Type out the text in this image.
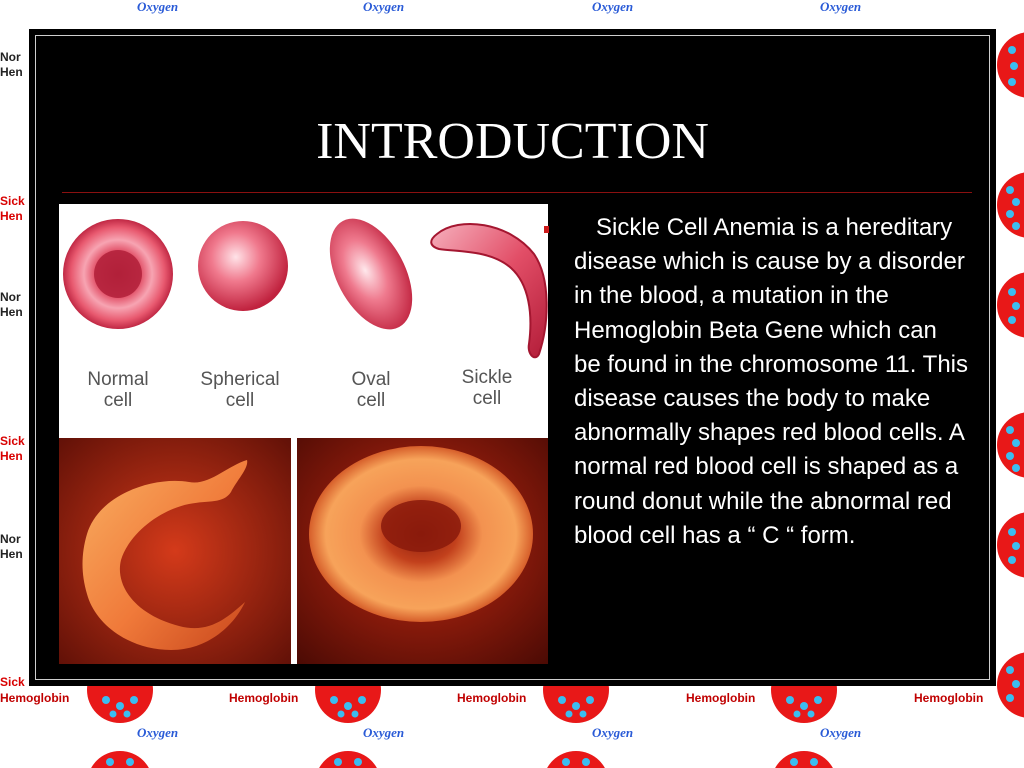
Oxygen	Oxygen	Oxygen	Oxygen
Oxygen	Oxygen	Oxygen	Oxygen
Hemoglobin	Hemoglobin	Hemoglobin	Hemoglobin	Hemoglobin
Nor
Hen
Sick
Hen
Nor
Hen
Sick
Hen
Nor
Hen
Sick
INTRODUCTION
Normal
cell
Spherical
cell
Oval
cell
Sickle
cell
Sickle Cell Anemia is a hereditary disease which is cause by a disorder in the blood, a mutation in the Hemoglobin Beta Gene which can be found in the chromosome 11. This disease causes the body to make abnormally shapes red blood cells. A normal red blood cell is shaped as a round donut while the abnormal red blood cell has a “ C “ form.
